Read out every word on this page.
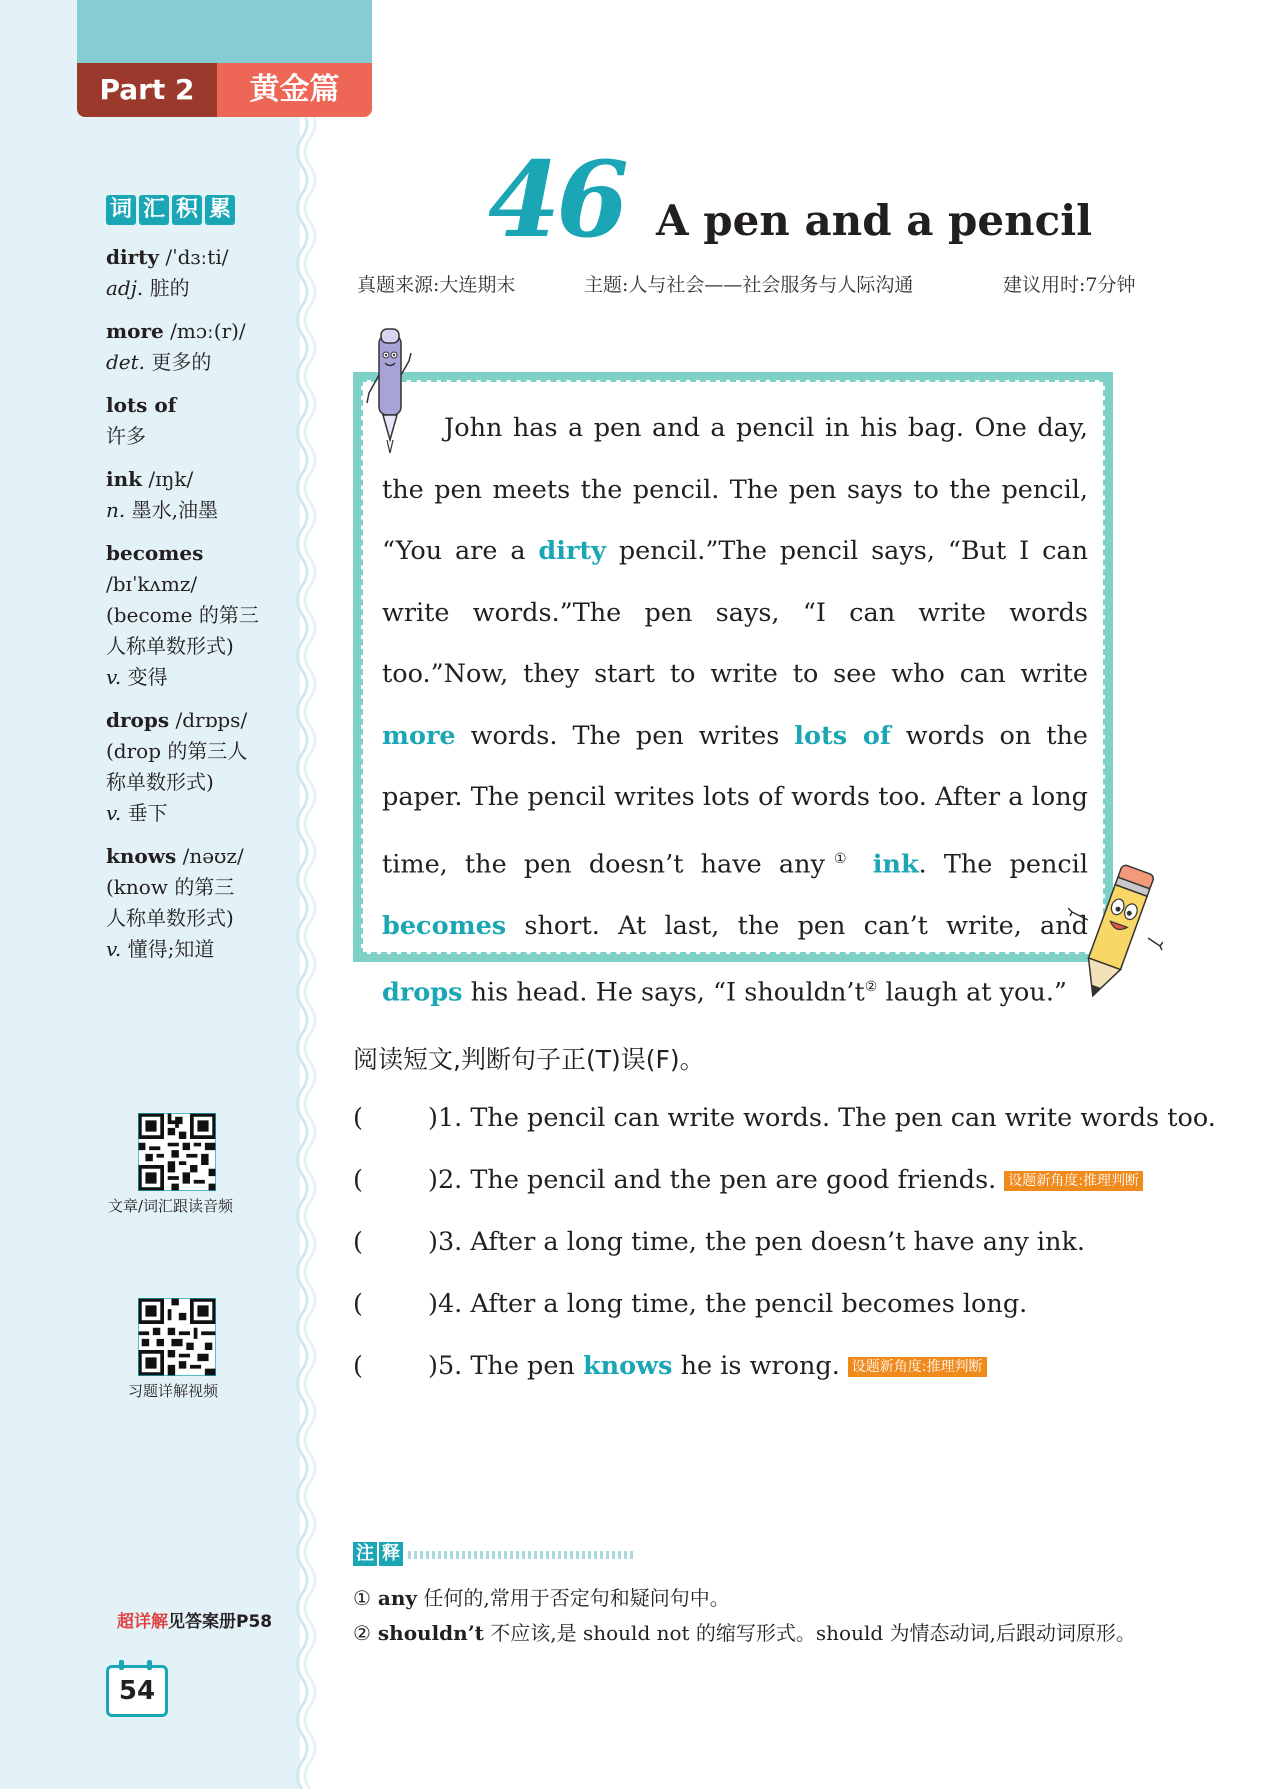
Part 2	黄金篇
词 汇 积 累
dirty /ˈdɜːti/
adj. 脏的
more /mɔː(r)/
det. 更多的
lots of
许多
ink /ɪŋk/
n. 墨水,油墨
becomes
/bɪˈkʌmz/
(become 的第三
人称单数形式)
v. 变得
drops /drɒps/
(drop 的第三人
称单数形式)
v. 垂下
knows /nəʊz/
(know 的第三
人称单数形式)
v. 懂得;知道
文章/词汇跟读音频
习题详解视频
超详解见答案册P58
54
46 A pen and a pencil
真题来源:大连期末	主题:人与社会——社会服务与人际沟通	建议用时:7分钟

John has a pen and a pencil in his bag. One day, the pen meets the pencil. The pen says to the pencil, “You are a dirty pencil.”The pencil says, “But I can write words.”The pen says, “I can write words too.”Now, they start to write to see who can write more words. The pen writes lots of words on the paper. The pencil writes lots of words too. After a long time, the pen doesn’t have any① ink. The pencil becomes short. At last, the pen can’t write, and drops his head. He says, “I shouldn’t② laugh at you.”

阅读短文,判断句子正(T)误(F)。
(	)1. The pencil can write words. The pen can write words too.
(	)2. The pencil and the pen are good friends. 设题新角度:推理判断
(	)3. After a long time, the pen doesn’t have any ink.
(	)4. After a long time, the pencil becomes long.
(	)5. The pen knows he is wrong. 设题新角度:推理判断
注 释
① any 任何的,常用于否定句和疑问句中。
② shouldn’t 不应该,是 should not 的缩写形式。should 为情态动词,后跟动词原形。
